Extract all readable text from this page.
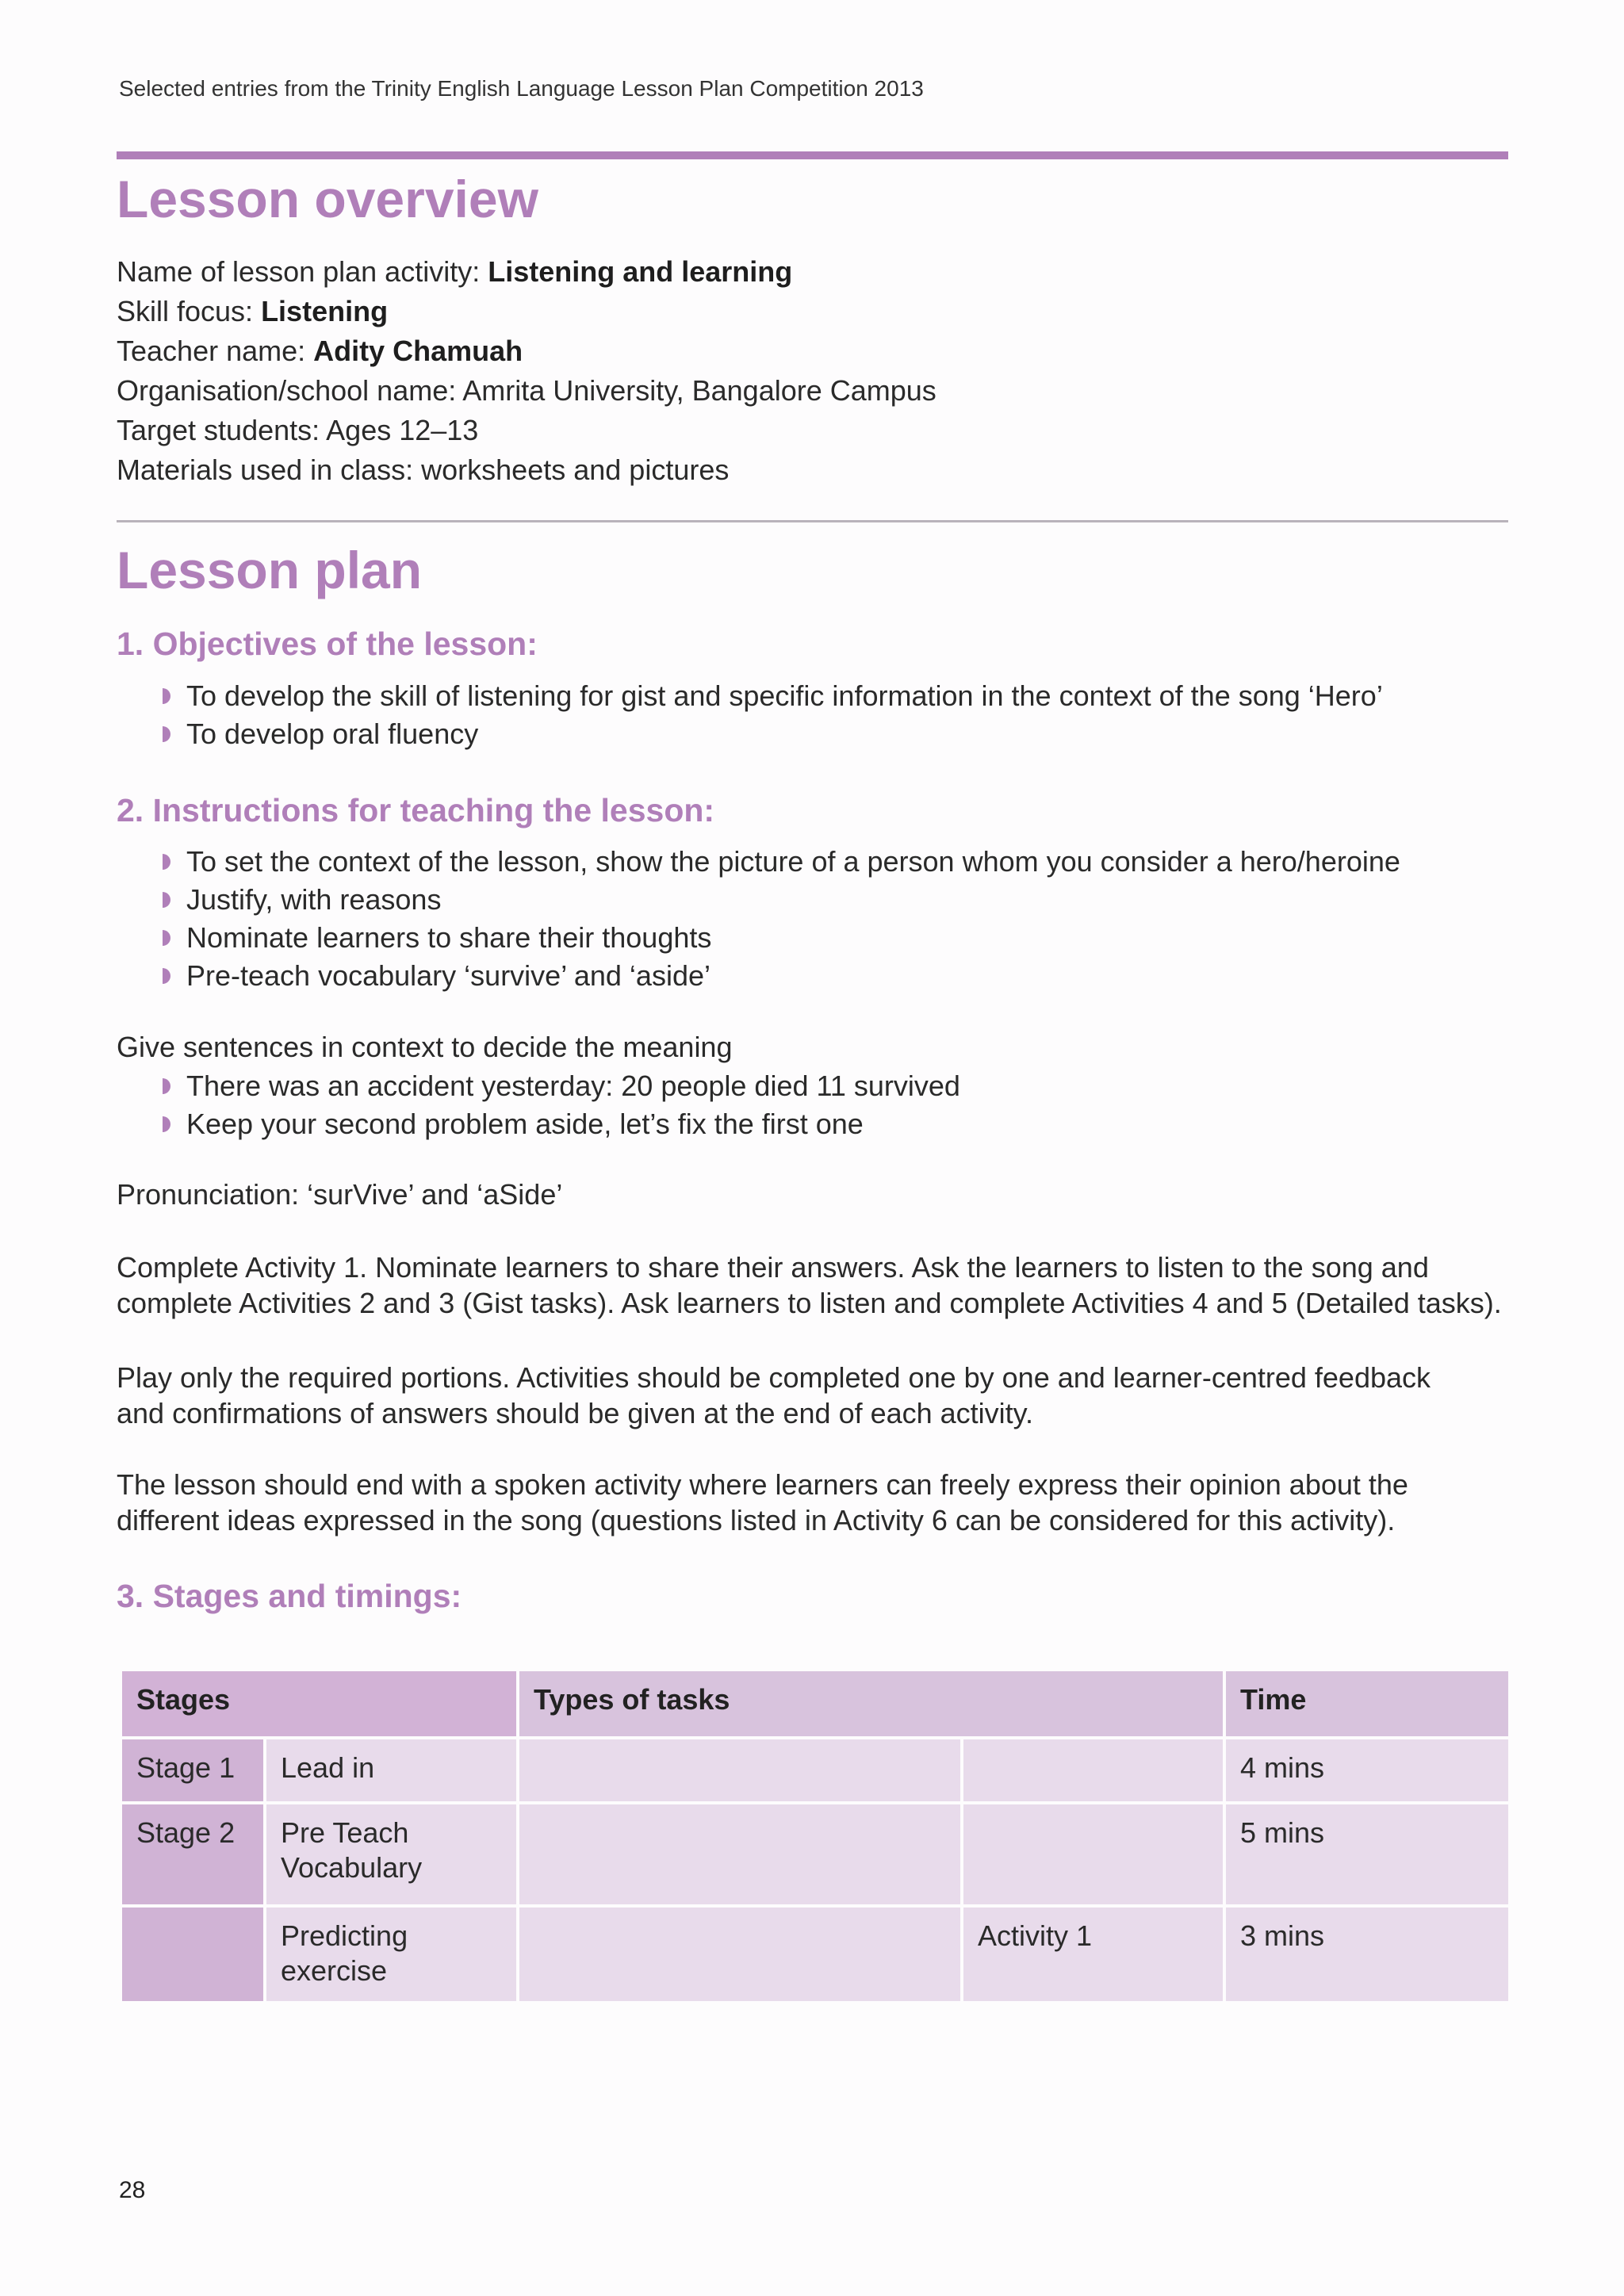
Selected entries from the Trinity English Language Lesson Plan Competition 2013
Lesson overview
Name of lesson plan activity: Listening and learning
Skill focus: Listening
Teacher name: Adity Chamuah
Organisation/school name: Amrita University, Bangalore Campus
Target students: Ages 12–13
Materials used in class: worksheets and pictures
Lesson plan
1. Objectives of the lesson:
To develop the skill of listening for gist and specific information in the context of the song ‘Hero’
To develop oral fluency
2. Instructions for teaching the lesson:
To set the context of the lesson, show the picture of a person whom you consider a hero/heroine
Justify, with reasons
Nominate learners to share their thoughts
Pre-teach vocabulary ‘survive’ and ‘aside’
Give sentences in context to decide the meaning
There was an accident yesterday: 20 people died 11 survived
Keep your second problem aside, let’s fix the first one
Pronunciation: ‘surVive’ and ‘aSide’
Complete Activity 1. Nominate learners to share their answers. Ask the learners to listen to the song and
complete Activities 2 and 3 (Gist tasks). Ask learners to listen and complete Activities 4 and 5 (Detailed tasks).
Play only the required portions. Activities should be completed one by one and learner-centred feedback
and confirmations of answers should be given at the end of each activity.
The lesson should end with a spoken activity where learners can freely express their opinion about the
different ideas expressed in the song (questions listed in Activity 6 can be considered for this activity).
3. Stages and timings:
Stages		Types of tasks		Time
Stage 1	Lead in			4 mins
Stage 2	Pre Teach Vocabulary			5 mins
	Predicting exercise		Activity 1	3 mins
28
